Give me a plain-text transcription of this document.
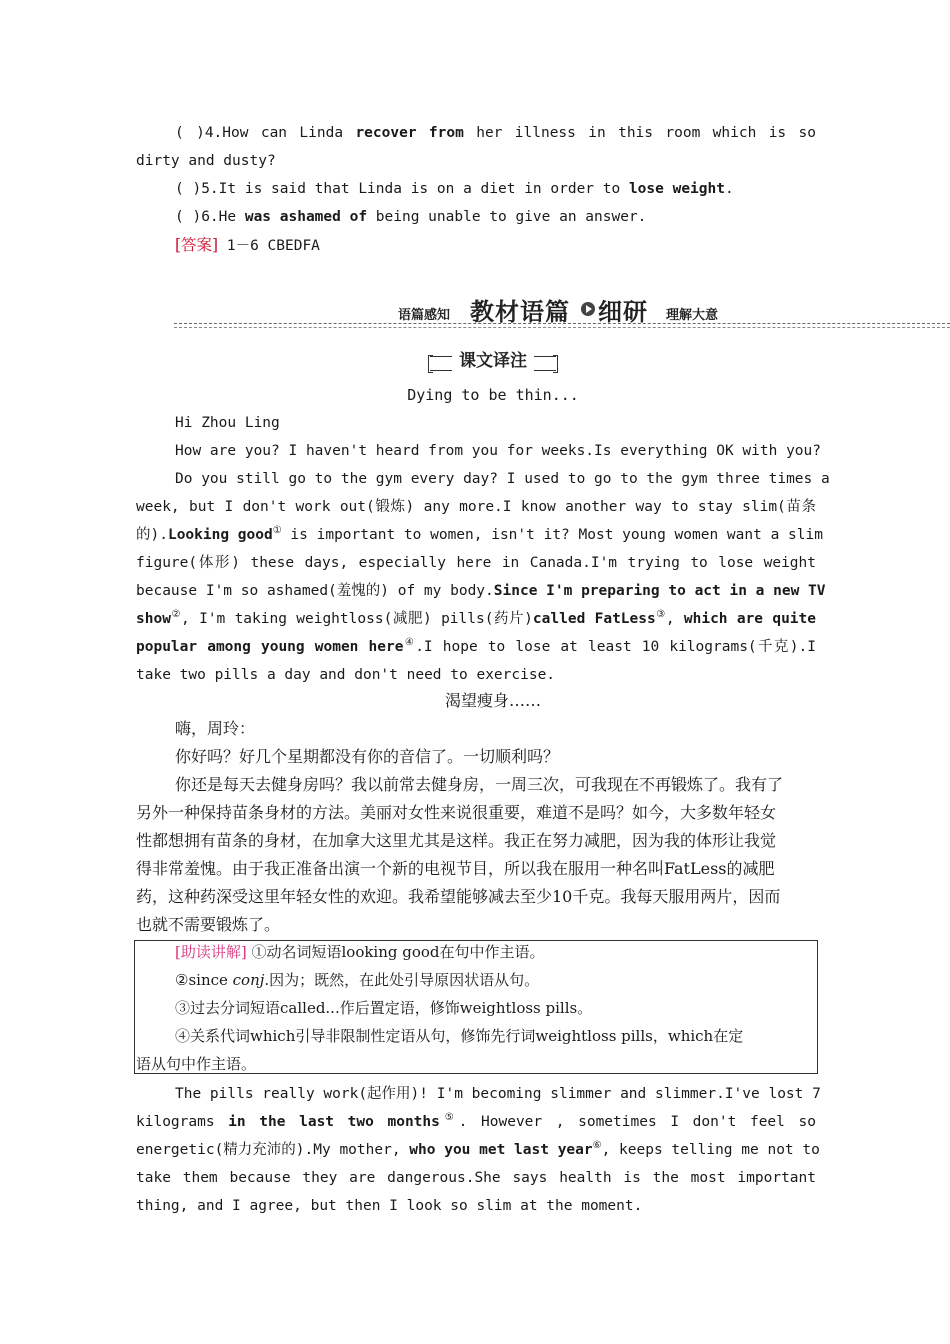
( )4.How can Linda recover from her illness in this room which is so
dirty and dusty?
( )5.It is said that Linda is on a diet in order to lose weight.
( )6.He was ashamed of being unable to give an answer.
[答案] 1－6 CBEDFA
语篇感知 教材语篇 细研 理解大意
课文译注
Dying to be thin...
Hi Zhou Ling
How are you? I haven't heard from you for weeks.Is everything OK with you?
Do you still go to the gym every day? I used to go to the gym three times a
week, but I don't work out(锻炼) any more.I know another way to stay slim(苗条
的).Looking good① is important to women, isn't it? Most young women want a slim
figure(体形) these days, especially here in Canada.I'm trying to lose weight
because I'm so ashamed(羞愧的) of my body.Since I'm preparing to act in a new TV
show②, I'm taking weightloss(减肥) pills(药片)called FatLess③, which are quite
popular among young women here④.I hope to lose at least 10 kilograms(千克).I
take two pills a day and don't need to exercise.
渴望瘦身……
嗨，周玲：
你好吗？好几个星期都没有你的音信了。一切顺利吗？
你还是每天去健身房吗？我以前常去健身房，一周三次，可我现在不再锻炼了。我有了
另外一种保持苗条身材的方法。美丽对女性来说很重要，难道不是吗？如今，大多数年轻女
性都想拥有苗条的身材，在加拿大这里尤其是这样。我正在努力减肥，因为我的体形让我觉
得非常羞愧。由于我正准备出演一个新的电视节目，所以我在服用一种名叫FatLess的减肥
药，这种药深受这里年轻女性的欢迎。我希望能够减去至少10千克。我每天服用两片，因而
也就不需要锻炼了。
[助读讲解] ①动名词短语looking good在句中作主语。
②since conj.因为；既然，在此处引导原因状语从句。
③过去分词短语called...作后置定语，修饰weightloss pills。
④关系代词which引导非限制性定语从句，修饰先行词weightloss pills，which在定
语从句中作主语。
The pills really work(起作用)! I'm becoming slimmer and slimmer.I've lost 7
kilograms in the last two months⑤. However , sometimes I don't feel so
energetic(精力充沛的).My mother, who you met last year⑥, keeps telling me not to
take them because they are dangerous.She says health is the most important
thing, and I agree, but then I look so slim at the moment.
